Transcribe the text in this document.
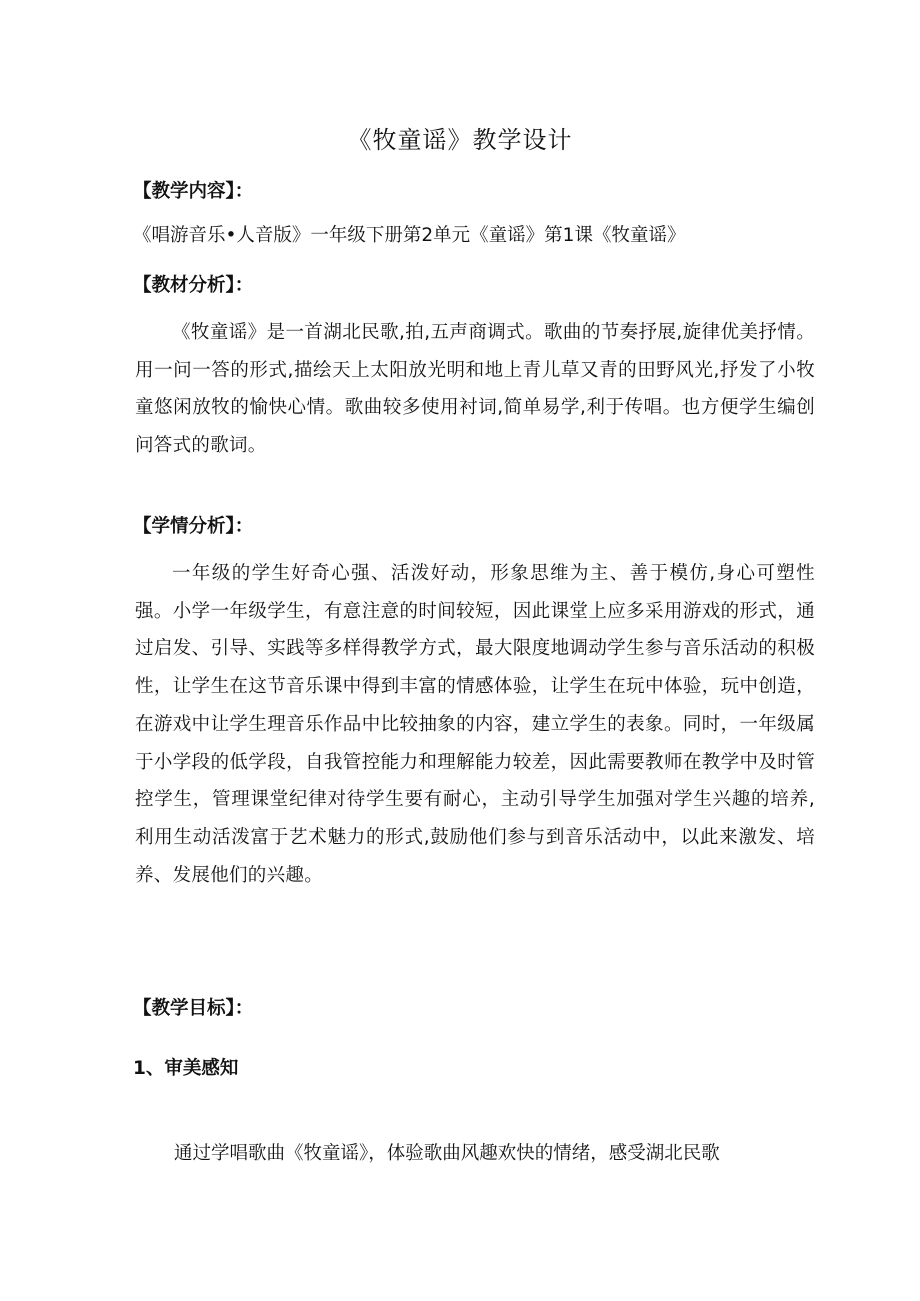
《牧童谣》教学设计
【教学内容】：
《唱游音乐•人音版》一年级下册第2单元《童谣》第1课《牧童谣》
【教材分析】：
《牧童谣》是一首湖北民歌,拍,五声商调式。歌曲的节奏抒展,旋律优美抒情。用一问一答的形式,描绘天上太阳放光明和地上青儿草又青的田野风光,抒发了小牧童悠闲放牧的愉快心情。歌曲较多使用衬词,简单易学,利于传唱。也方便学生编创问答式的歌词。
【学情分析】：
一年级的学生好奇心强、活泼好动，形象思维为主、善于模仿,身心可塑性强。小学一年级学生，有意注意的时间较短，因此课堂上应多采用游戏的形式，通过启发、引导、实践等多样得教学方式，最大限度地调动学生参与音乐活动的积极性，让学生在这节音乐课中得到丰富的情感体验，让学生在玩中体验，玩中创造，在游戏中让学生理音乐作品中比较抽象的内容，建立学生的表象。同时，一年级属于小学段的低学段，自我管控能力和理解能力较差，因此需要教师在教学中及时管控学生，管理课堂纪律对待学生要有耐心，主动引导学生加强对学生兴趣的培养,利用生动活泼富于艺术魅力的形式,鼓励他们参与到音乐活动中，以此来激发、培养、发展他们的兴趣。
【教学目标】：
1、审美感知
通过学唱歌曲《牧童谣》，体验歌曲风趣欢快的情绪，感受湖北民歌
